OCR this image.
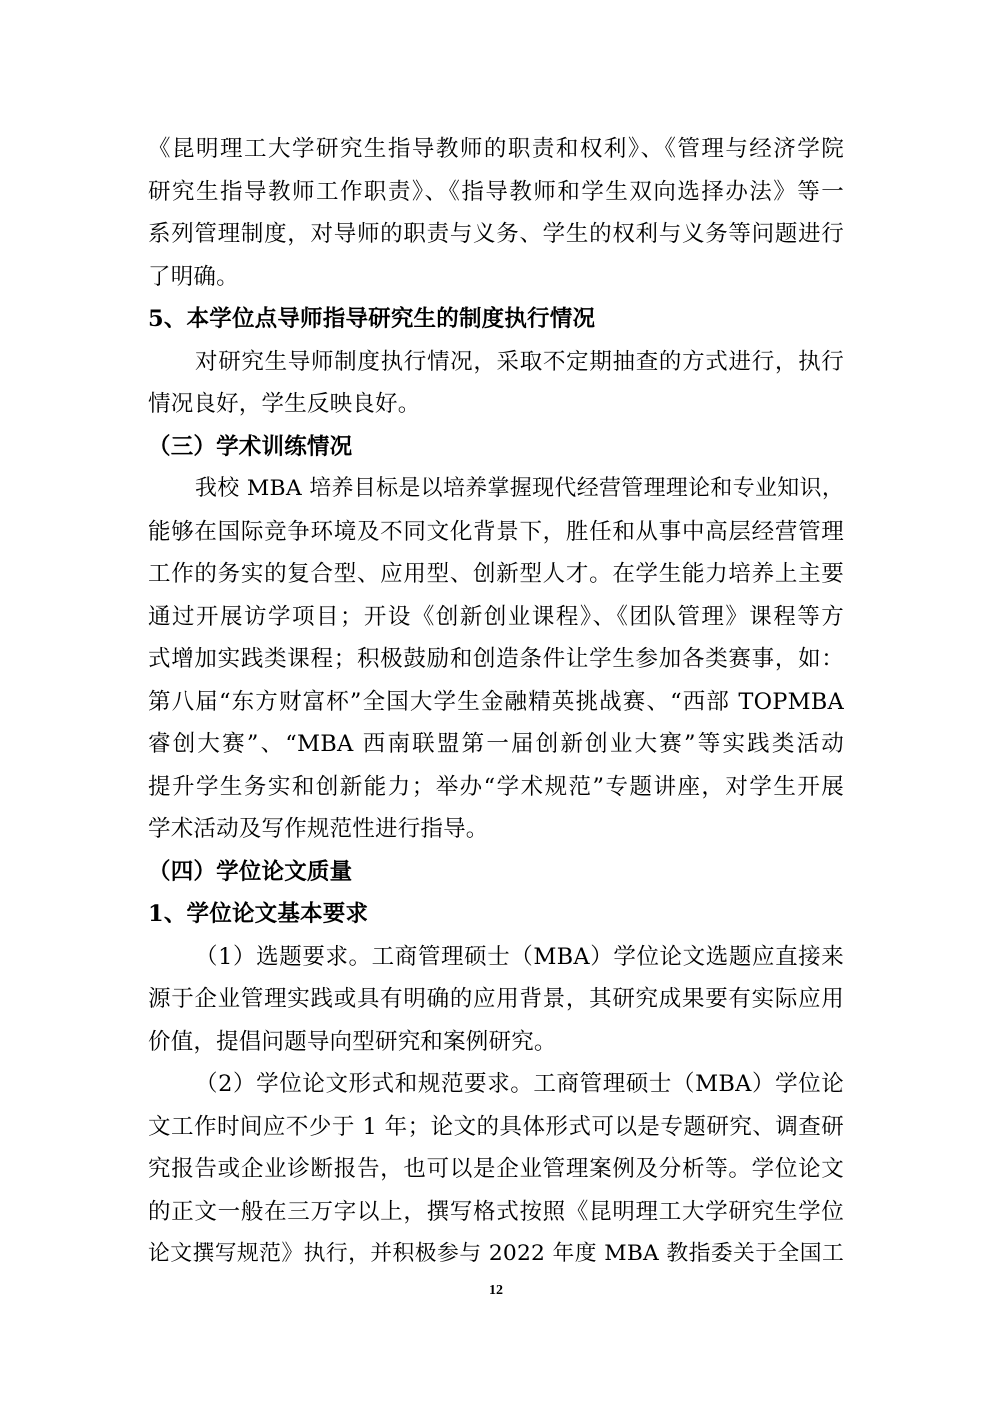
《昆明理工大学研究生指导教师的职责和权利》、《管理与经济学院
研究生指导教师工作职责》、《指导教师和学生双向选择办法》等一
系列管理制度，对导师的职责与义务、学生的权利与义务等问题进行
了明确。
5、本学位点导师指导研究生的制度执行情况
对研究生导师制度执行情况，采取不定期抽查的方式进行，执行
情况良好，学生反映良好。
（三）学术训练情况
我校 MBA 培养目标是以培养掌握现代经营管理理论和专业知识，
能够在国际竞争环境及不同文化背景下，胜任和从事中高层经营管理
工作的务实的复合型、应用型、创新型人才。在学生能力培养上主要
通过开展访学项目；开设《创新创业课程》、《团队管理》课程等方
式增加实践类课程；积极鼓励和创造条件让学生参加各类赛事，如：
第八届“东方财富杯”全国大学生金融精英挑战赛、“西部 TOPMBA
睿创大赛”、“MBA 西南联盟第一届创新创业大赛”等实践类活动
提升学生务实和创新能力；举办“学术规范”专题讲座，对学生开展
学术活动及写作规范性进行指导。
（四）学位论文质量
1、学位论文基本要求
（1）选题要求。工商管理硕士（MBA）学位论文选题应直接来
源于企业管理实践或具有明确的应用背景，其研究成果要有实际应用
价值，提倡问题导向型研究和案例研究。
（2）学位论文形式和规范要求。工商管理硕士（MBA）学位论
文工作时间应不少于 1 年；论文的具体形式可以是专题研究、调查研
究报告或企业诊断报告，也可以是企业管理案例及分析等。学位论文
的正文一般在三万字以上，撰写格式按照《昆明理工大学研究生学位
论文撰写规范》执行，并积极参与 2022 年度 MBA 教指委关于全国工
12
